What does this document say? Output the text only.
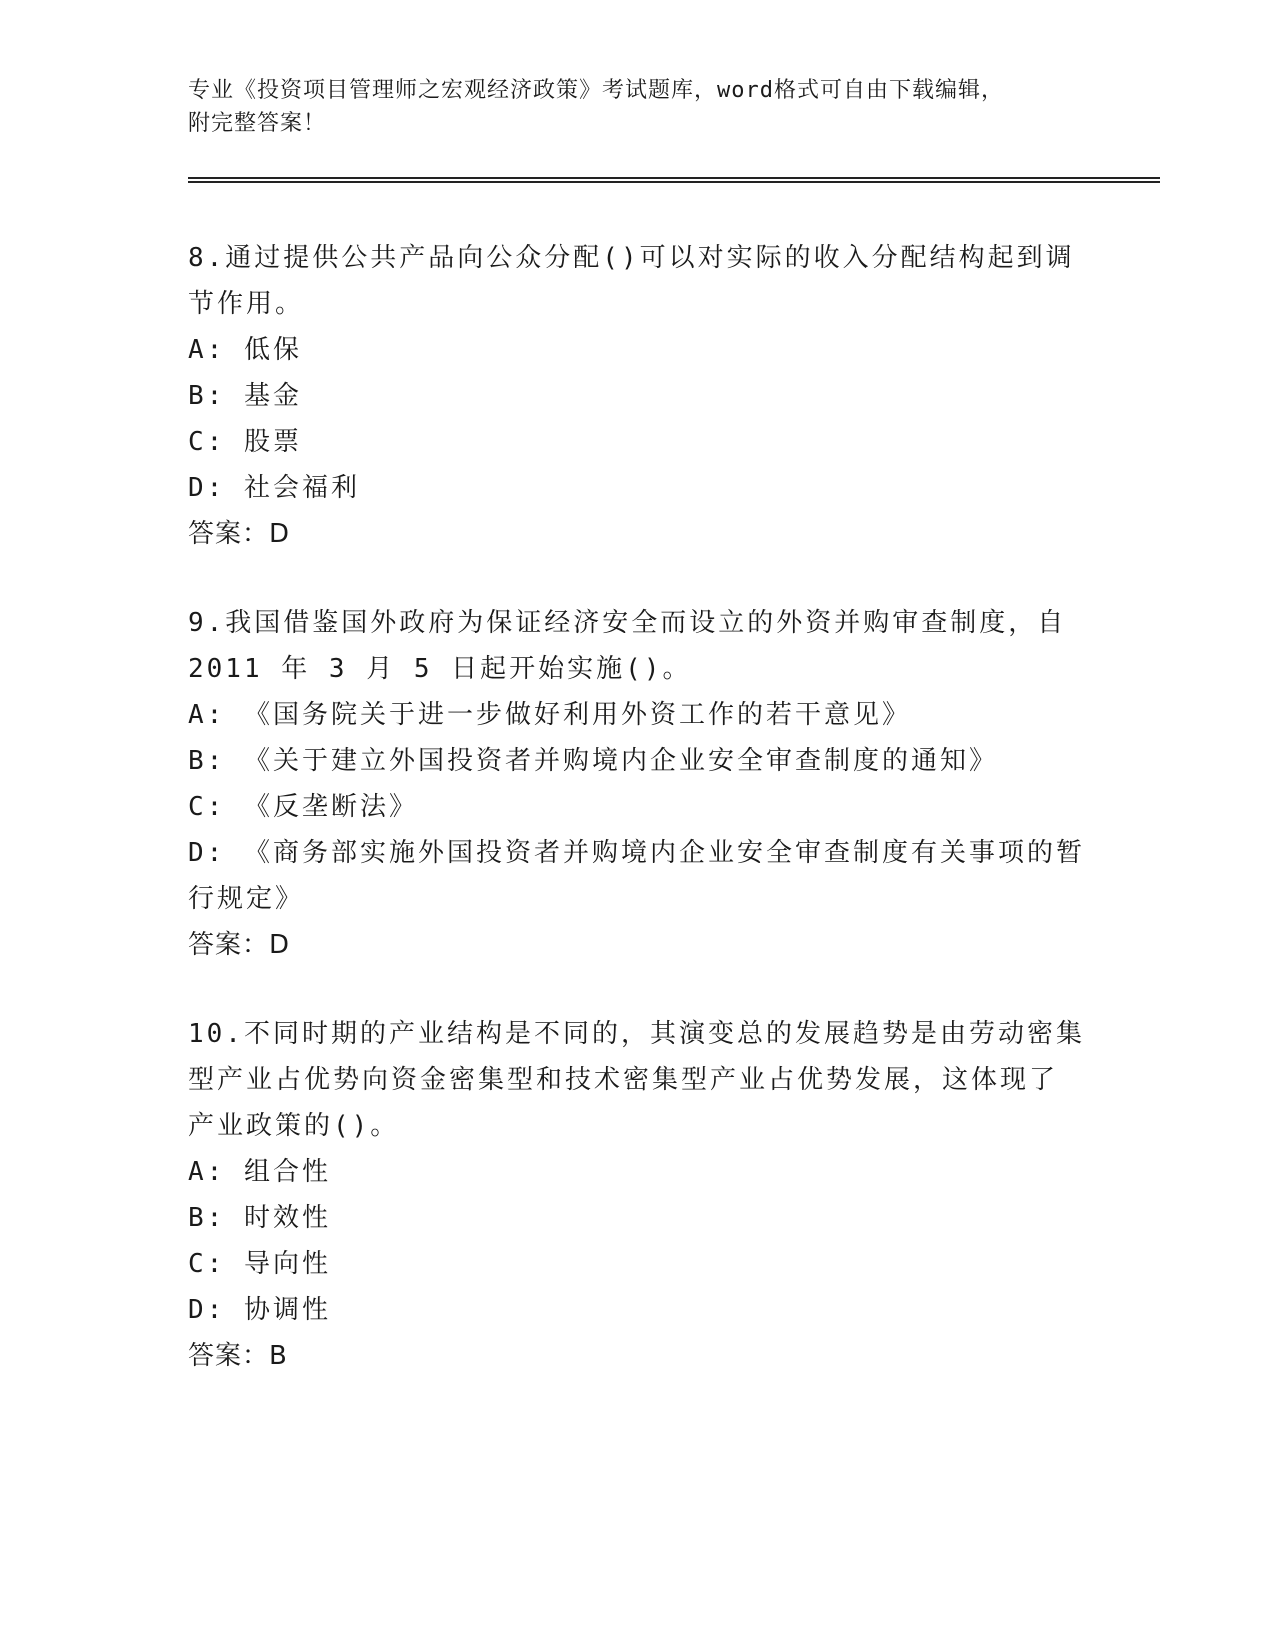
专业《投资项目管理师之宏观经济政策》考试题库，word格式可自由下载编辑，
附完整答案！

8.通过提供公共产品向公众分配()可以对实际的收入分配结构起到调

节作用。

A: 低保

B: 基金

C: 股票

D: 社会福利

答案：D

9.我国借鉴国外政府为保证经济安全而设立的外资并购审查制度，自

2011 年 3 月 5 日起开始实施()。

A: 《国务院关于进一步做好利用外资工作的若干意见》

B: 《关于建立外国投资者并购境内企业安全审查制度的通知》

C: 《反垄断法》

D: 《商务部实施外国投资者并购境内企业安全审查制度有关事项的暂

行规定》

答案：D

10.不同时期的产业结构是不同的，其演变总的发展趋势是由劳动密集

型产业占优势向资金密集型和技术密集型产业占优势发展，这体现了

产业政策的()。

A: 组合性

B: 时效性

C: 导向性

D: 协调性

答案：B
